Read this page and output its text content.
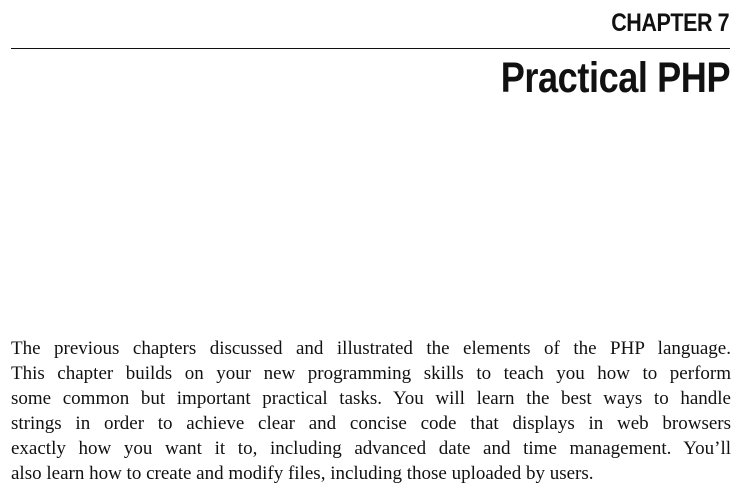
CHAPTER 7
Practical PHP

The previous chapters discussed and illustrated the elements of the PHP language.
This chapter builds on your new programming skills to teach you how to perform
some common but important practical tasks. You will learn the best ways to handle
strings in order to achieve clear and concise code that displays in web browsers
exactly how you want it to, including advanced date and time management. You’ll
also learn how to create and modify files, including those uploaded by users.
